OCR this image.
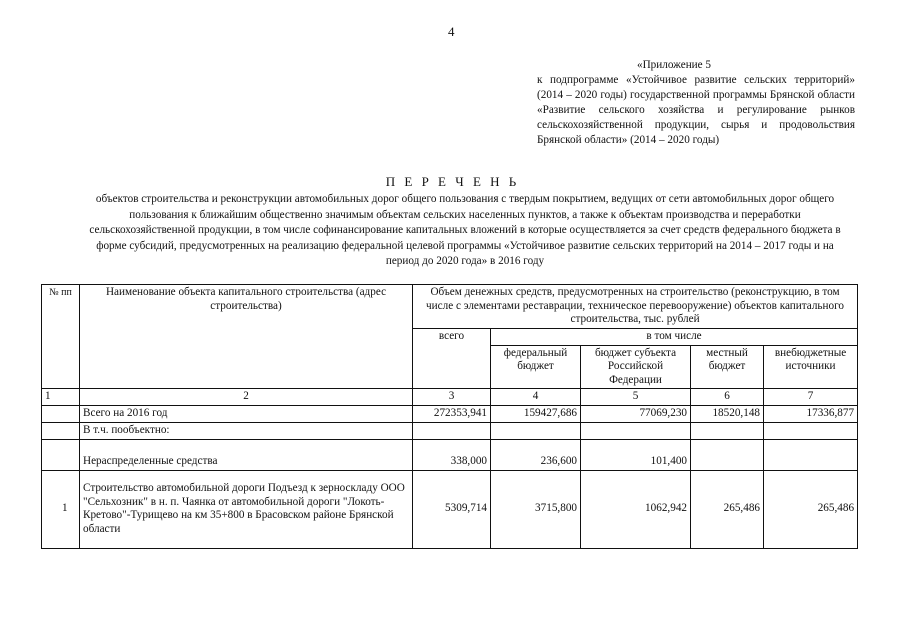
4
«Приложение 5
к подпрограмме «Устойчивое развитие сельских территорий» (2014 – 2020 годы) государственной программы Брянской области «Развитие сельского хозяйства и регулирование рынков сельскохозяйственной продукции, сырья и продовольствия Брянской области» (2014 – 2020 годы)
П Е Р Е Ч Е Н Ь
объектов строительства и реконструкции автомобильных дорог общего пользования с твердым покрытием, ведущих от сети автомобильных дорог общего пользования к ближайшим общественно значимым объектам сельских населенных пунктов, а также к объектам производства и переработки сельскохозяйственной продукции, в том числе софинансирование капитальных вложений в которые осуществляется за счет средств федерального бюджета в форме субсидий, предусмотренных на реализацию федеральной целевой программы «Устойчивое развитие сельских территорий на 2014 – 2017 годы и на период до 2020 года» в 2016 году
№ пп	Наименование объекта капитального строительства (адрес строительства)	Объем денежных средств, предусмотренных на строительство (реконструкцию, в том числе с элементами реставрации, техническое перевооружение) объектов капитального строительства, тыс. рублей				
		всего	в том числе			
			федеральный бюджет	бюджет субъекта Российской Федерации	местный бюджет	внебюджетные источники
1	2	3	4	5	6	7
	Всего на 2016 год	272353,941	159427,686	77069,230	18520,148	17336,877
	В т.ч. пообъектно:					
	Нераспределенные средства	338,000	236,600	101,400		
1	Строительство автомобильной дороги Подъезд к зерноскладу ООО "Сельхозник" в н. п. Чаянка от автомобильной дороги "Локоть-Кретово"-Турищево на км 35+800 в Брасовском районе Брянской области	5309,714	3715,800	1062,942	265,486	265,486
